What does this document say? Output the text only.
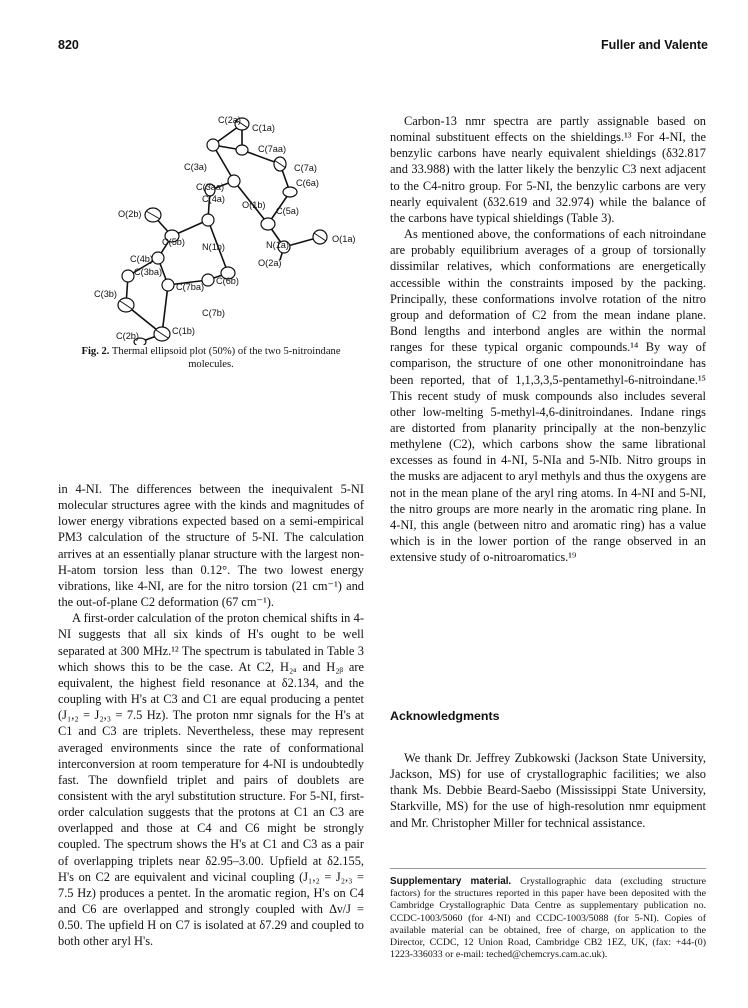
820	Fuller and Valente
C(2a)
C(1a)
C(7aa)
C(3a)	C(7a)
C(6a)
C(3aa)
C(4a)
O(1b)
C(5a)
O(2b)
N(1a)
O(1a)
C(5b) N(1b)
O(2a)
C(4b)
C(3ba)
C(7ba)
C(6b)
C(3b)
C(7b)
C(2b)	C(1b)
Fig. 2. Thermal ellipsoid plot (50%) of the two 5-nitroindane molecules.

in 4-NI. The differences between the inequivalent 5-NI molecular structures agree with the kinds and magnitudes of lower energy vibrations expected based on a semi-empirical PM3 calculation of the structure of 5-NI. The calculation arrives at an essentially planar structure with the largest non-H-atom torsion less than 0.12°. The two lowest energy vibrations, like 4-NI, are for the nitro torsion (21 cm⁻¹) and the out-of-plane C2 deformation (67 cm⁻¹).

A first-order calculation of the proton chemical shifts in 4-NI suggests that all six kinds of H's ought to be well separated at 300 MHz.¹² The spectrum is tabulated in Table 3 which shows this to be the case. At C2, H₂ₐ and H₂ᵦ are equivalent, the highest field resonance at δ2.134, and the coupling with H's at C3 and C1 are equal producing a pentet (J₁,₂ = J₂,₃ = 7.5 Hz). The proton nmr signals for the H's at C1 and C3 are triplets. Nevertheless, these may represent averaged environments since the rate of conformational interconversion at room temperature for 4-NI is undoubtedly fast. The downfield triplet and pairs of doublets are consistent with the aryl substitution structure. For 5-NI, first-order calculation suggests that the protons at C1 an C3 are overlapped and those at C4 and C6 might be strongly coupled. The spectrum shows the H's at C1 and C3 as a pair of overlapping triplets near δ2.95–3.00. Upfield at δ2.155, H's on C2 are equivalent and vicinal coupling (J₁,₂ = J₂,₃ = 7.5 Hz) produces a pentet. In the aromatic region, H's on C4 and C6 are overlapped and strongly coupled with Δν/J = 0.50. The upfield H on C7 is isolated at δ7.29 and coupled to both other aryl H's.

Carbon-13 nmr spectra are partly assignable based on nominal substituent effects on the shieldings.¹³ For 4-NI, the benzylic carbons have nearly equivalent shieldings (δ32.817 and 33.988) with the latter likely the benzylic C3 next adjacent to the C4-nitro group. For 5-NI, the benzylic carbons are very nearly equivalent (δ32.619 and 32.974) while the balance of the carbons have typical shieldings (Table 3).

As mentioned above, the conformations of each nitroindane are probably equilibrium averages of a group of torsionally dissimilar relatives, which conformations are energetically accessible within the constraints imposed by the packing. Principally, these conformations involve rotation of the nitro group and deformation of C2 from the mean indane plane. Bond lengths and interbond angles are within the normal ranges for these typical organic compounds.¹⁴ By way of comparison, the structure of one other mononitroindane has been reported, that of 1,1,3,3,5-pentamethyl-6-nitroindane.¹⁵ This recent study of musk compounds also includes several other low-melting 5-methyl-4,6-dinitroindanes. Indane rings are distorted from planarity principally at the non-benzylic methylene (C2), which carbons show the same librational excesses as found in 4-NI, 5-NIa and 5-NIb. Nitro groups in the musks are adjacent to aryl methyls and thus the oxygens are not in the mean plane of the aryl ring atoms. In 4-NI and 5-NI, the nitro groups are more nearly in the aromatic ring plane. In 4-NI, this angle (between nitro and aromatic ring) has a value which is in the lower portion of the range observed in an extensive study of o-nitroaromatics.¹⁹

Acknowledgments

We thank Dr. Jeffrey Zubkowski (Jackson State University, Jackson, MS) for use of crystallographic facilities; we also thank Ms. Debbie Beard-Saebo (Mississippi State University, Starkville, MS) for the use of high-resolution nmr equipment and Mr. Christopher Miller for technical assistance.

Supplementary material. Crystallographic data (excluding structure factors) for the structures reported in this paper have been deposited with the Cambridge Crystallographic Data Centre as supplementary publication no. CCDC-1003/5060 (for 4-NI) and CCDC-1003/5088 (for 5-NI). Copies of available material can be obtained, free of charge, on application to the Director, CCDC, 12 Union Road, Cambridge CB2 1EZ, UK, (fax: +44-(0) 1223-336033 or e-mail: teched@chemcrys.cam.ac.uk).
